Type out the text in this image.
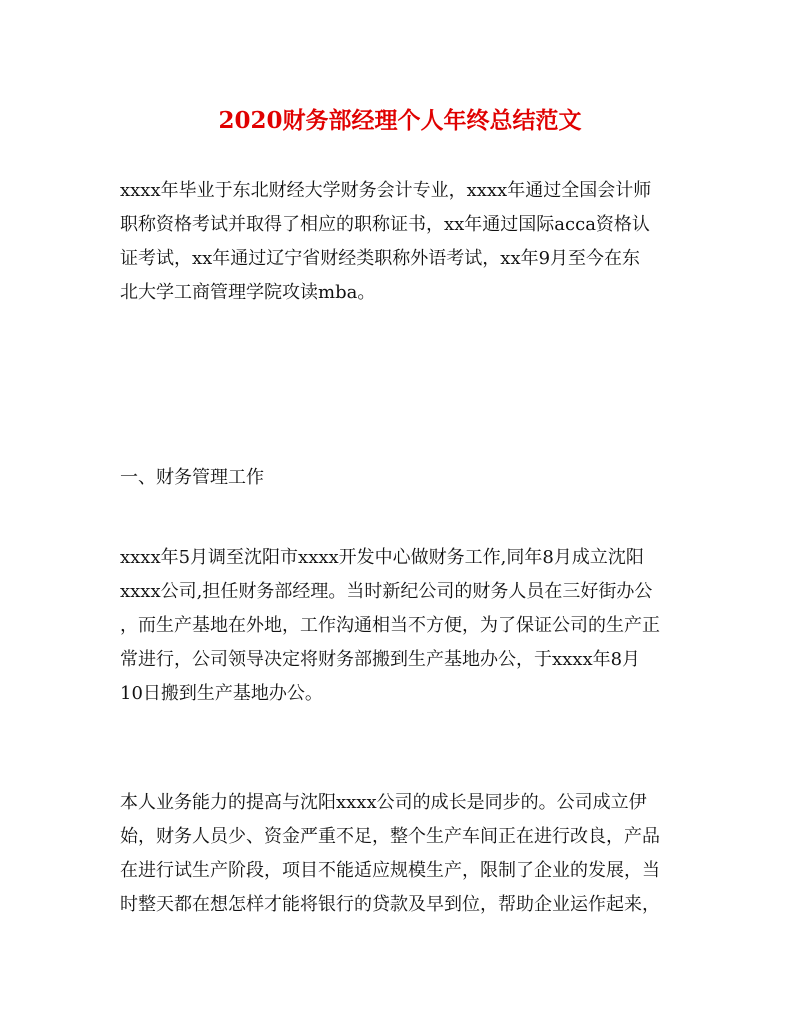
2020财务部经理个人年终总结范文
xxxx年毕业于东北财经大学财务会计专业，xxxx年通过全国会计师
职称资格考试并取得了相应的职称证书，xx年通过国际acca资格认
证考试，xx年通过辽宁省财经类职称外语考试，xx年9月至今在东
北大学工商管理学院攻读mba。
一、财务管理工作
xxxx年5月调至沈阳市xxxx开发中心做财务工作,同年8月成立沈阳
xxxx公司,担任财务部经理。当时新纪公司的财务人员在三好街办公
，而生产基地在外地，工作沟通相当不方便，为了保证公司的生产正
常进行，公司领导决定将财务部搬到生产基地办公，于xxxx年8月
10日搬到生产基地办公。
本人业务能力的提高与沈阳xxxx公司的成长是同步的。公司成立伊
始，财务人员少、资金严重不足，整个生产车间正在进行改良，产品
在进行试生产阶段，项目不能适应规模生产，限制了企业的发展，当
时整天都在想怎样才能将银行的贷款及早到位，帮助企业运作起来，
